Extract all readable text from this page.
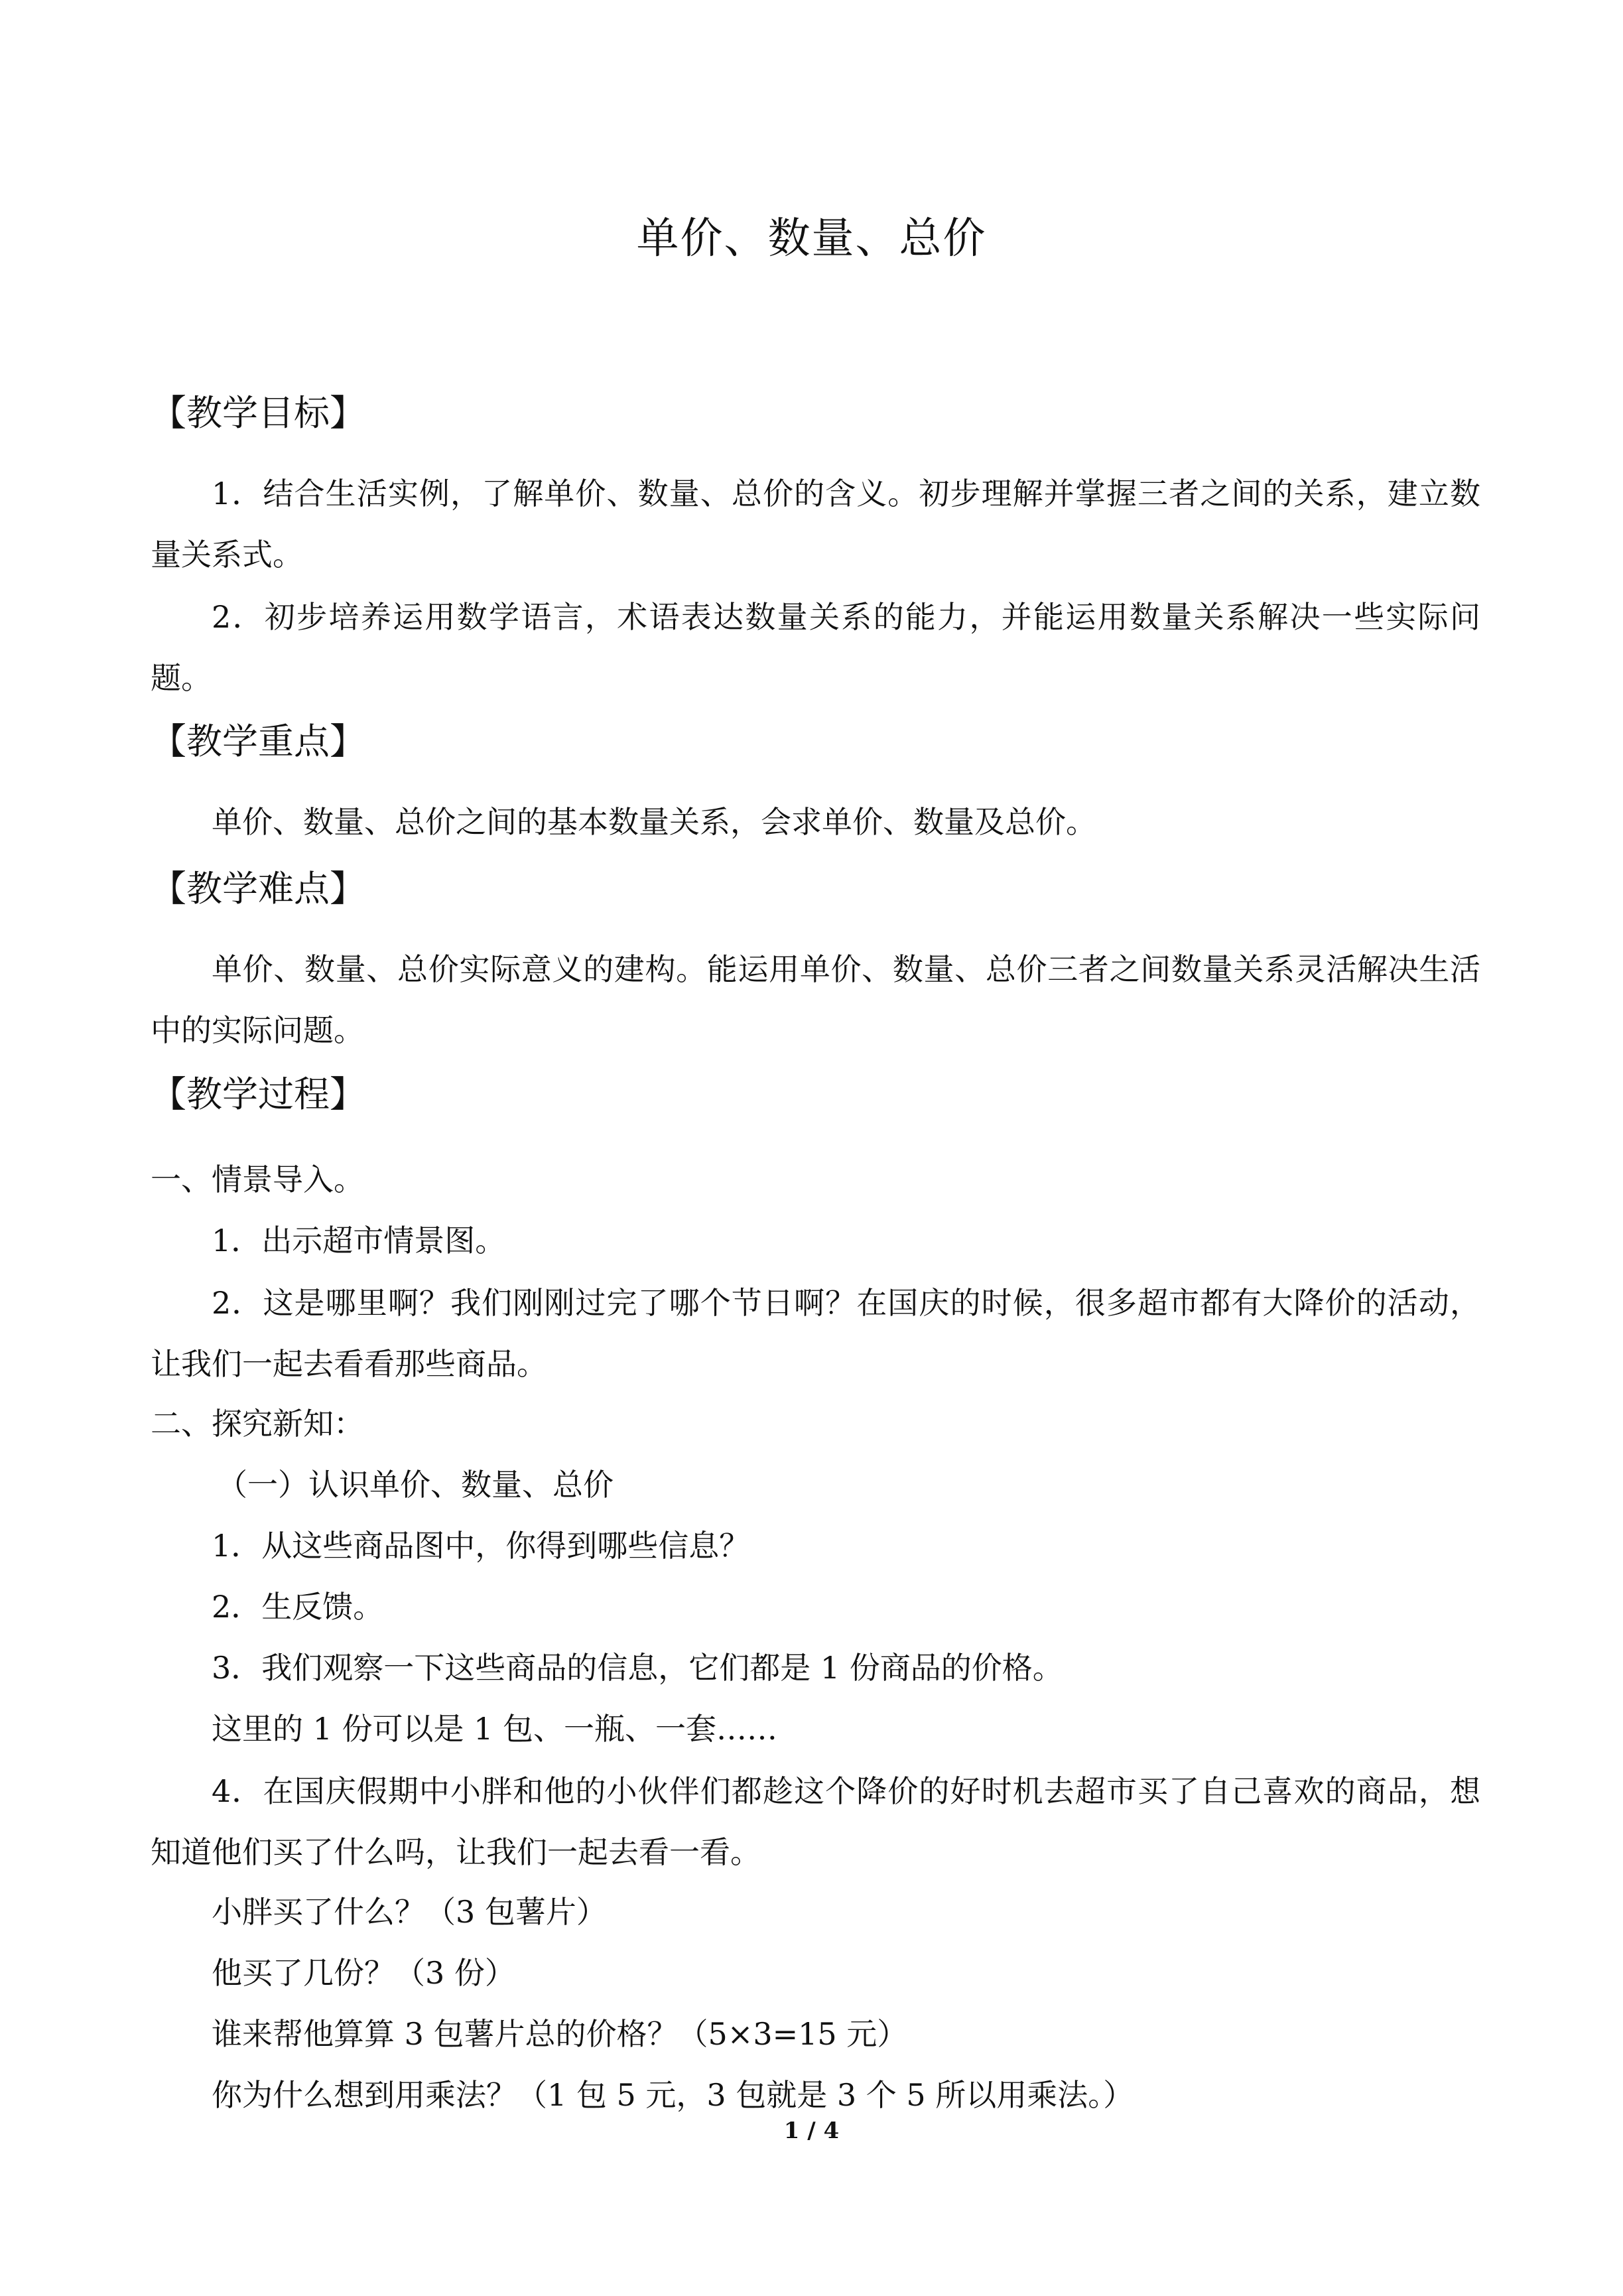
单价、数量、总价
【教学目标】
1．结合生活实例，了解单价、数量、总价的含义。初步理解并掌握三者之间的关系，建立数量关系式。
2．初步培养运用数学语言，术语表达数量关系的能力，并能运用数量关系解决一些实际问题。
【教学重点】
单价、数量、总价之间的基本数量关系，会求单价、数量及总价。
【教学难点】
单价、数量、总价实际意义的建构。能运用单价、数量、总价三者之间数量关系灵活解决生活中的实际问题。
【教学过程】
一、情景导入。
1．出示超市情景图。
2．这是哪里啊？我们刚刚过完了哪个节日啊？在国庆的时候，很多超市都有大降价的活动，让我们一起去看看那些商品。
二、探究新知：
（一）认识单价、数量、总价
1．从这些商品图中，你得到哪些信息？
2．生反馈。
3．我们观察一下这些商品的信息，它们都是 1 份商品的价格。
这里的 1 份可以是 1 包、一瓶、一套……
4．在国庆假期中小胖和他的小伙伴们都趁这个降价的好时机去超市买了自己喜欢的商品，想知道他们买了什么吗，让我们一起去看一看。
小胖买了什么？（3 包薯片）
他买了几份？（3 份）
谁来帮他算算 3 包薯片总的价格？（5×3=15 元）
你为什么想到用乘法？（1 包 5 元，3 包就是 3 个 5 所以用乘法。）
1 / 4
